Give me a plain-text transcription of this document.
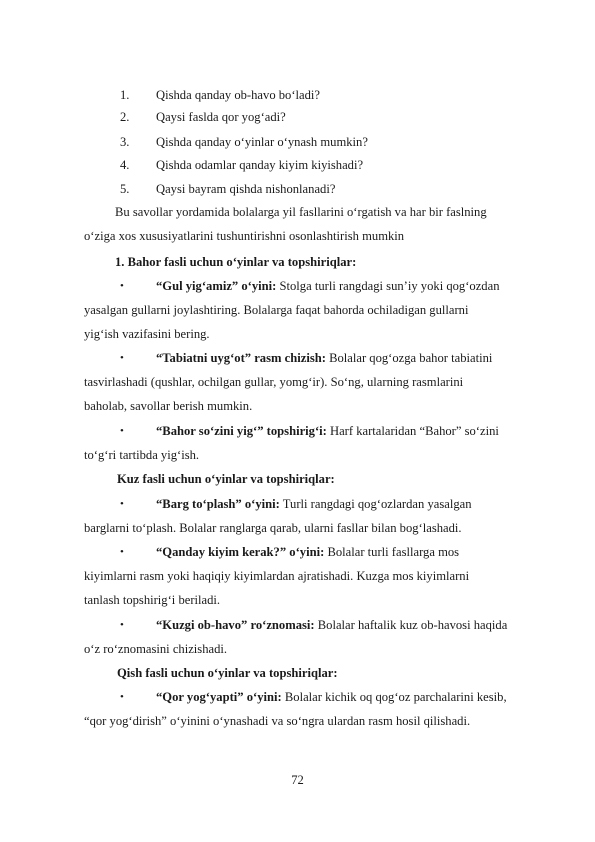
1. Qishda qanday ob-havo bo‘ladi?
2. Qaysi faslda qor yog‘adi?
3. Qishda qanday o‘yinlar o‘ynash mumkin?
4. Qishda odamlar qanday kiyim kiyishadi?
5. Qaysi bayram qishda nishonlanadi?
Bu savollar yordamida bolalarga yil fasllarini o‘rgatish va har bir faslning
o‘ziga xos xususiyatlarini tushuntirishni osonlashtirish mumkin
1. Bahor fasli uchun o‘yinlar va topshiriqlar:
•	“Gul yig‘amiz” o‘yini: Stolga turli rangdagi sun’iy yoki qog‘ozdan
yasalgan gullarni joylashtiring. Bolalarga faqat bahorda ochiladigan gullarni
yig‘ish vazifasini bering.
•	“Tabiatni uyg‘ot” rasm chizish: Bolalar qog‘ozga bahor tabiatini
tasvirlashadi (qushlar, ochilgan gullar, yomg‘ir). So‘ng, ularning rasmlarini
baholab, savollar berish mumkin.
•	“Bahor so‘zini yig‘” topshirig‘i: Harf kartalaridan “Bahor” so‘zini
to‘g‘ri tartibda yig‘ish.
Kuz fasli uchun o‘yinlar va topshiriqlar:
•	“Barg to‘plash” o‘yini: Turli rangdagi qog‘ozlardan yasalgan
barglarni to‘plash. Bolalar ranglarga qarab, ularni fasllar bilan bog‘lashadi.
•	“Qanday kiyim kerak?” o‘yini: Bolalar turli fasllarga mos
kiyimlarni rasm yoki haqiqiy kiyimlardan ajratishadi. Kuzga mos kiyimlarni
tanlash topshirig‘i beriladi.
•	“Kuzgi ob-havo” ro‘znomasi: Bolalar haftalik kuz ob-havosi haqida
o‘z ro‘znomasini chizishadi.
Qish fasli uchun o‘yinlar va topshiriqlar:
•	“Qor yog‘yapti” o‘yini: Bolalar kichik oq qog‘oz parchalarini kesib,
“qor yog‘dirish” o‘yinini o‘ynashadi va so‘ngra ulardan rasm hosil qilishadi.
72
